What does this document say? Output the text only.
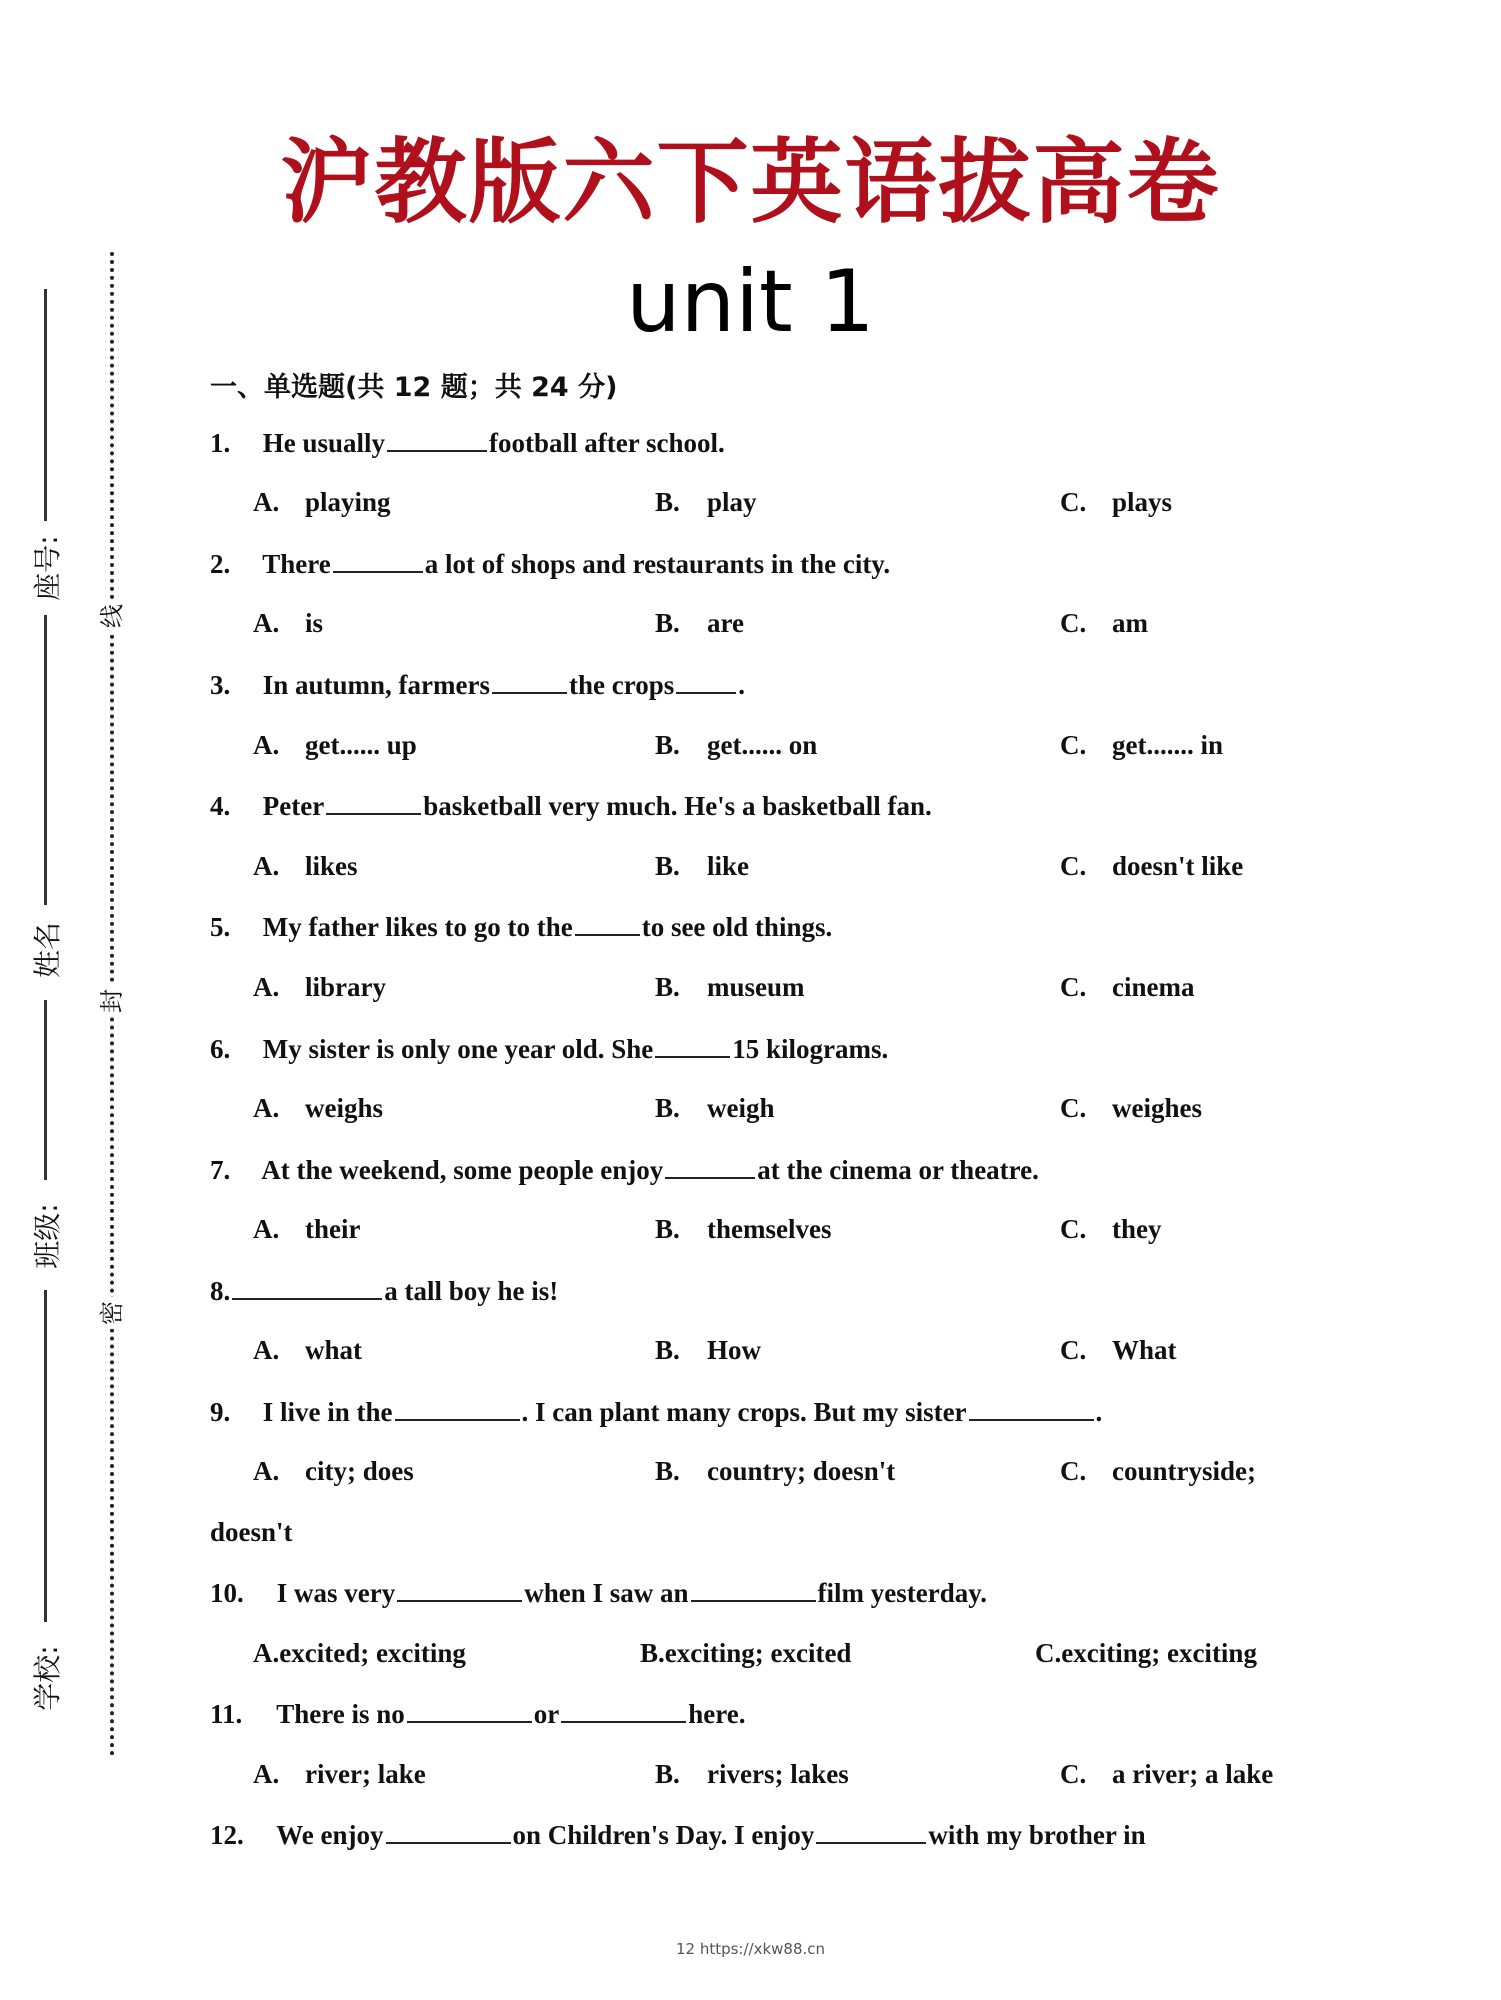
沪教版六下英语拔高卷
unit 1
座号:
姓名
班级:
学校:
线
封
密
一、单选题(共 12 题；共 24 分)
1. He usually	football after school.
A. playing	B. play	C. plays
2. There	a lot of shops and restaurants in the city.
A. is	B. are	C. am
3. In autumn, farmers	the crops .
A. get...... up	B. get...... on	C. get....... in
4. Peter	basketball very much. He's a basketball fan.
A. likes	B. like	C. doesn't like
5. My father likes to go to the	to see old things.
A. library	B. museum	C. cinema
6. My sister is only one year old. She	15 kilograms.
A. weighs	B. weigh	C. weighes
7. At the weekend, some people enjoy	at the cinema or theatre.
A. their	B. themselves	C. they
8.	a tall boy he is!
A. what	B. How	C. What
9. I live in the	. I can plant many crops. But my sister	.
A. city; does	B. country; doesn't	C. countryside;
doesn't
10. I was very	when I saw an	film yesterday.
A.excited; exciting	B.exciting; excited	C.exciting; exciting
11. There is no	or	here.
A. river; lake	B. rivers; lakes	C. a river; a lake
12. We enjoy	on Children's Day. I enjoy	with my brother in
12 https://xkw88.cn
